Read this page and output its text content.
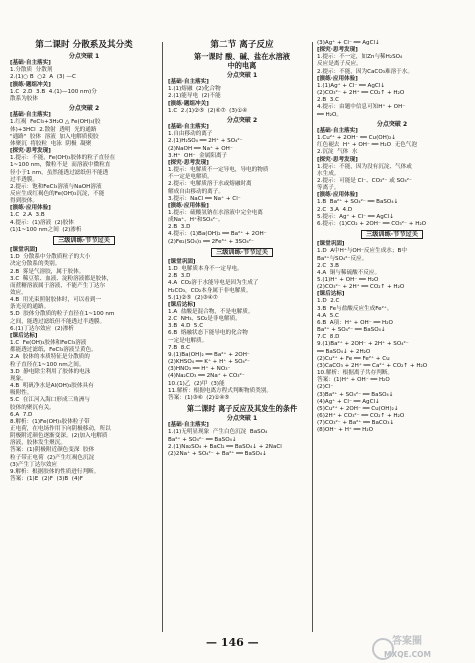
第二课时 分散系及其分类
分点突破 1

[基础·自主落实]

1.分散质  分散剂

2.(1)○ B  ○2  A  (3) —C

[演练·题组冲关]

1.C  2.D  3.B  4.(1)—100 nm)分

散系为胶体

分点突破 2

[基础·自主落实]

1.红褐  FeCl₃+3H₂O △ Fe(OH)₃(胶

体)+3HCl  2.散射  透明  光的通路

"通路"  胶体  溶液  加入电解质使胶

体聚沉  将胶粒  电泳  阴极  凝聚

[探究·思考发现]

1.提示：不能，Fe(OH)₃胶体的粒子直径在

1~100 nm，微粒不是  而溶液中微粒直

径小于1 nm，虽然能透过滤纸但不能透

过半透膜。

2.提示：饱和FeCl₃溶液与NaOH溶液

反应生成红褐色的Fe(OH)₃沉淀，不能

得到胶体。

[演练·应用体验]

1.C  2.A  3.B

4.提示：(1)溶液  (2)胶体

(1)1~100 nm之间  (2)渗析

三级训练·节节过关

[课堂巩固]

1.D  分散系中分散质粒子的大小

决定分散系的类别。

2.B  雾是气溶胶，属于胶体。

3.C  稀豆浆、血液、淀粉溶液都是胶体，

而蔗糖溶液属于溶液，不能产生丁达尔

效应。

4.B  用光束照射胶体时，可以看到一

条光亮的通路。

5.D  胶体分散质的粒子直径在1~100 nm

之间，能透过滤纸但不能透过半透膜。

6.(1)丁达尔效应  (2)渗析

[课后达标]

1.C  Fe(OH)₃胶体和FeCl₃溶液

都能透过滤纸，FeCl₃溶液呈黄色。

2.A  胶体的本质特征是分散质的

粒子直径在1~100 nm之间。

3.D  静电除尘利用了胶体的电泳

现象。

4.B  明矾净水是Al(OH)₃胶体具有

吸附性。

5.C  在江河入海口形成三角洲与

胶体的聚沉有关。

6.A  7.D

8.解析：(1)Fe(OH)₃胶体粒子带

正电荷，在电场作用下向阴极移动，所以

阴极附近颜色逐渐变深。(2)加入电解质

溶液，胶体发生聚沉。

答案：(1)阴极附近颜色变深  胶体

粒子带正电荷  (2)产生红褐色沉淀

(3)产生丁达尔效应

9.解析：根据胶体的性质进行判断。

答案：(1)E  (2)F  (3)B  (4)F

第二节 离子反应
第一课时 酸、碱、盐在水溶液
中的电离
分点突破 1

[基础·自主落实]

1.(1)熔融  (2)化合物

2.(1)能导电  (2)不能

[演练·题组冲关]

1.C  2.(1)②⑤  (2)⑥⑦  (3)①④

分点突破 2

[基础·自主落实]

1.自由移动的离子

2.(1)H₂SO₄ ══ 2H⁺ + SO₄²⁻

(2)NaOH ══ Na⁺ + OH⁻

3.H⁺  OH⁻  金属阳离子

[探究·思考发现]

1.提示：电解质不一定导电，导电的物质

不一定是电解质。

2.提示：电解质溶于水或熔融时离

解成自由移动的离子。

3.提示：NaCl ══ Na⁺ + Cl⁻

[演练·应用体验]

1.提示：硫酸氢钠在水溶液中完全电离

成Na⁺、H⁺和SO₄²⁻。

2.B  3.D

4.提示：(1)Ba(OH)₂ ══ Ba²⁺ + 2OH⁻

(2)Fe₂(SO₄)₃ ══ 2Fe³⁺ + 3SO₄²⁻

三级训练·节节过关

[课堂巩固]

1.D  电解质本身不一定导电。

2.B  3.D

4.A  CO₂溶于水能导电是因为生成了

H₂CO₃，CO₂本身属于非电解质。

5.(1)②⑤  (2)③④⑦

[课后达标]

1.A  盐酸是混合物，不是电解质。

2.C  NH₃、SO₂是非电解质。

3.B  4.D  5.C

6.B  熔融状态下能导电的化合物

一定是电解质。

7.B  8.C

9.(1)Ba(OH)₂ ══ Ba²⁺ + 2OH⁻

(2)KHSO₄ ══ K⁺ + H⁺ + SO₄²⁻

(3)HNO₃ ══ H⁺ + NO₃⁻

(4)Na₂CO₃ ══ 2Na⁺ + CO₃²⁻

10.(1)乙  (2)甲  (3)能

11.解析：根据电离方程式判断物质类别。

答案：(1)③⑥  (2)①④⑤

第二课时 离子反应及其发生的条件
分点突破 1

[基础·自主落实]

1.(1)无明显现象  产生白色沉淀  BaSO₄

Ba²⁺ + SO₄²⁻ ══ BaSO₄↓

2.(1)Na₂SO₄ + BaCl₂ ══ BaSO₄↓ + 2NaCl

(2)2Na⁺ + SO₄²⁻ + Ba²⁺ ══ BaSO₄↓

(3)Ag⁺ + Cl⁻ ══ AgCl↓

[探究·思考发现]

1.提示：不一定，如Zn与稀H₂SO₄

反应是离子反应。

2.提示：不能，因为CaCO₃难溶于水。

[演练·应用体验]

1.(1)Ag⁺ + Cl⁻ ══ AgCl↓

(2)CO₃²⁻ + 2H⁺ ══ CO₂↑ + H₂O

2.B  3.C

4.提示：由题中信息可知H⁺ + OH⁻

══ H₂O。

分点突破 2

[基础·自主落实]

1.Cu²⁺ + 2OH⁻ ══ Cu(OH)₂↓

红色褪去  H⁺ + OH⁻ ══ H₂O  无色气泡

2.沉淀  气体  水

[探究·思考发现]

1.提示：不能，因为没有沉淀、气体或

水生成。

2.提示：可能是 Cl⁻、CO₃²⁻ 或 SO₄²⁻

等离子。

[演练·应用体验]

1.B  Ba²⁺ + SO₄²⁻ ══ BaSO₄↓

2.C  3.A  4.D

5.提示：Ag⁺ + Cl⁻ ══ AgCl↓

6.提示：(1)CO₂ + 2OH⁻ ══ CO₃²⁻ + H₂O

三级训练·节节过关

[课堂巩固]

1.D  A中H⁺与OH⁻反应生成水；B中

Ba²⁺与SO₄²⁻反应。

2.C  3.B

4.A  铜与稀硫酸不反应。

5.(1)H⁺ + OH⁻ ══ H₂O

(2)CO₃²⁻ + 2H⁺ ══ CO₂↑ + H₂O

[课后达标]

1.D  2.C

3.B  Fe与盐酸反应生成Fe²⁺。

4.A  5.C

6.B  A项：H⁺ + OH⁻ ══ H₂O

Ba²⁺ + SO₄²⁻ ══ BaSO₄↓

7.C  8.D

9.(1)Ba²⁺ + 2OH⁻ + 2H⁺ + SO₄²⁻

══ BaSO₄↓ + 2H₂O

(2)Cu²⁺ + Fe ══ Fe²⁺ + Cu

(3)CaCO₃ + 2H⁺ ══ Ca²⁺ + CO₂↑ + H₂O

10.解析：根据离子共存判断。

答案：(1)H⁺ + OH⁻ ══ H₂O

(2)Cl⁻

(3)Ba²⁺ + SO₄²⁻ ══ BaSO₄↓

(4)Ag⁺ + Cl⁻ ══ AgCl↓

(5)Cu²⁺ + 2OH⁻ ══ Cu(OH)₂↓

(6)2H⁺ + CO₃²⁻ ══ CO₂↑ + H₂O

(7)CO₃²⁻ + Ba²⁺ ══ BaCO₃↓

(8)OH⁻ + H⁺ ══ H₂O

— 146 —	答案圈
MXQE.COM
